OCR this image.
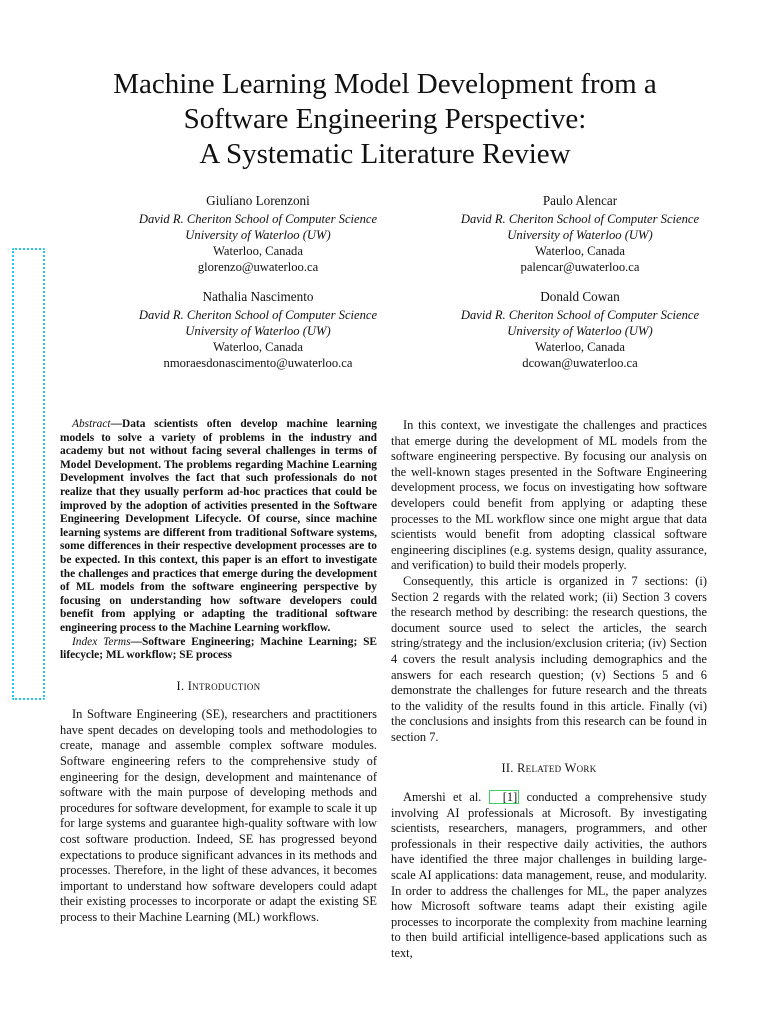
Machine Learning Model Development from a
Software Engineering Perspective:
A Systematic Literature Review
Giuliano Lorenzoni
David R. Cheriton School of Computer Science
University of Waterloo (UW)
Waterloo, Canada
glorenzo@uwaterloo.ca
Paulo Alencar
David R. Cheriton School of Computer Science
University of Waterloo (UW)
Waterloo, Canada
palencar@uwaterloo.ca
Nathalia Nascimento
David R. Cheriton School of Computer Science
University of Waterloo (UW)
Waterloo, Canada
nmoraesdonascimento@uwaterloo.ca
Donald Cowan
David R. Cheriton School of Computer Science
University of Waterloo (UW)
Waterloo, Canada
dcowan@uwaterloo.ca

Abstract—Data scientists often develop machine learning models to solve a variety of problems in the industry and academy but not without facing several challenges in terms of Model Development. The problems regarding Machine Learning Development involves the fact that such professionals do not realize that they usually perform ad-hoc practices that could be improved by the adoption of activities presented in the Software Engineering Development Lifecycle. Of course, since machine learning systems are different from traditional Software systems, some differences in their respective development processes are to be expected. In this context, this paper is an effort to investigate the challenges and practices that emerge during the development of ML models from the software engineering perspective by focusing on understanding how software developers could benefit from applying or adapting the traditional software engineering process to the Machine Learning workflow.

Index Terms—Software Engineering; Machine Learning; SE lifecycle; ML workflow; SE process

I. Introduction

In Software Engineering (SE), researchers and practitioners have spent decades on developing tools and methodologies to create, manage and assemble complex software modules. Software engineering refers to the comprehensive study of engineering for the design, development and maintenance of software with the main purpose of developing methods and procedures for software development, for example to scale it up for large systems and guarantee high-quality software with low cost software production. Indeed, SE has progressed beyond expectations to produce significant advances in its methods and processes. Therefore, in the light of these advances, it becomes important to understand how software developers could adapt their existing processes to incorporate or adapt the existing SE process to their Machine Learning (ML) workflows.

In this context, we investigate the challenges and practices that emerge during the development of ML models from the software engineering perspective. By focusing our analysis on the well-known stages presented in the Software Engineering development process, we focus on investigating how software developers could benefit from applying or adapting these processes to the ML workflow since one might argue that data scientists would benefit from adopting classical software engineering disciplines (e.g. systems design, quality assurance, and verification) to build their models properly.

Consequently, this article is organized in 7 sections: (i) Section 2 regards with the related work; (ii) Section 3 covers the research method by describing: the research questions, the document source used to select the articles, the search string/strategy and the inclusion/exclusion criteria; (iv) Section 4 covers the result analysis including demographics and the answers for each research question; (v) Sections 5 and 6 demonstrate the challenges for future research and the threats to the validity of the results found in this article. Finally (vi) the conclusions and insights from this research can be found in section 7.

II. Related Work

Amershi et al. [1] conducted a comprehensive study involving AI professionals at Microsoft. By investigating scientists, researchers, managers, programmers, and other professionals in their respective daily activities, the authors have identified the three major challenges in building large-scale AI applications: data management, reuse, and modularity. In order to address the challenges for ML, the paper analyzes how Microsoft software teams adapt their existing agile processes to incorporate the complexity from machine learning to then build artificial intelligence-based applications such as text,
